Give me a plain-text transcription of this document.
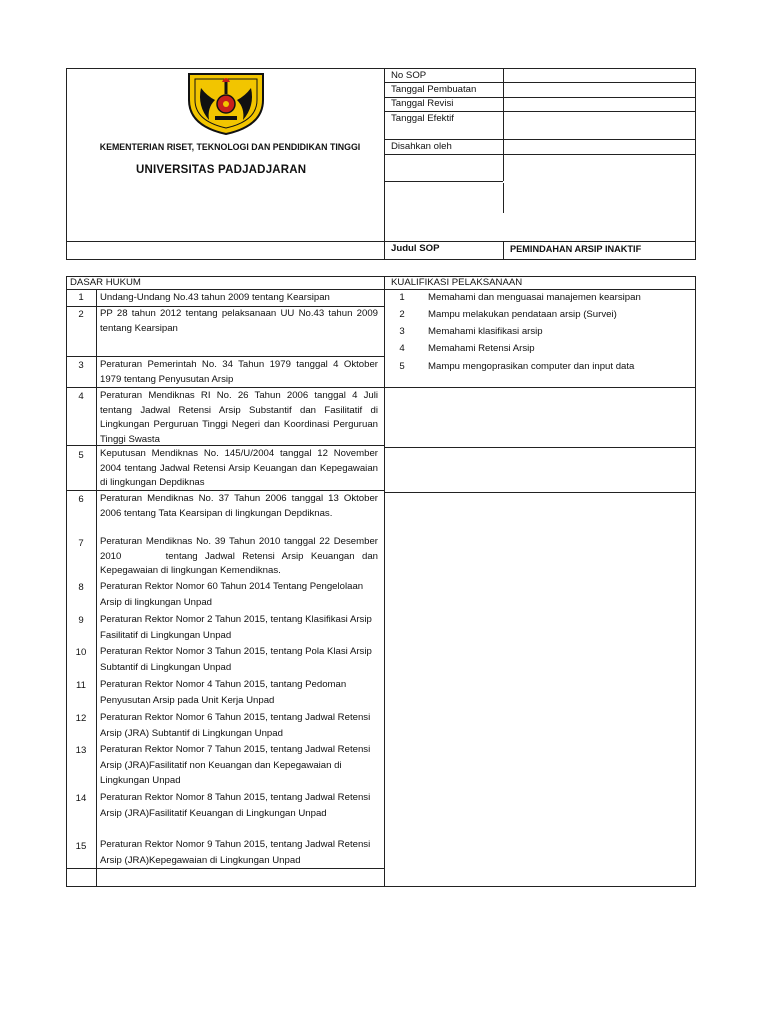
KEMENTERIAN RISET, TEKNOLOGI DAN PENDIDIKAN TINGGI
UNIVERSITAS PADJADJARAN
No SOP
Tanggal Pembuatan
Tanggal Revisi
Tanggal Efektif
Disahkan oleh
Judul SOP	PEMINDAHAN ARSIP INAKTIF
DASAR HUKUM	KUALIFIKASI PELAKSANAAN
1	Undang-Undang No.43 tahun 2009 tentang Kearsipan
2	PP 28 tahun 2012 tentang pelaksanaan UU No.43 tahun 2009 tentang Kearsipan
3	Peraturan Pemerintah No. 34 Tahun 1979 tanggal 4 Oktober 1979 tentang Penyusutan Arsip
4	Peraturan Mendiknas RI No. 26 Tahun 2006 tanggal 4 Juli tentang Jadwal Retensi Arsip Substantif dan Fasilitatif di Lingkungan Perguruan Tinggi Negeri dan Koordinasi Perguruan Tinggi Swasta
5	Keputusan Mendiknas No. 145/U/2004 tanggal 12 November 2004 tentang Jadwal Retensi Arsip Keuangan dan Kepegawaian di lingkungan Depdiknas
6	Peraturan Mendiknas No. 37 Tahun 2006 tanggal 13 Oktober 2006 tentang Tata Kearsipan di lingkungan Depdiknas.
7	Peraturan Mendiknas No. 39 Tahun 2010 tanggal 22 Desember 2010      tentang Jadwal Retensi Arsip Keuangan dan Kepegawaian di lingkungan Kemendiknas.
8	Peraturan Rektor Nomor 60 Tahun 2014 Tentang Pengelolaan Arsip di lingkungan Unpad
9	Peraturan Rektor Nomor 2 Tahun 2015, tentang Klasifikasi Arsip Fasilitatif di Lingkungan Unpad
10	Peraturan Rektor Nomor 3 Tahun 2015, tentang Pola Klasi Arsip Subtantif di Lingkungan Unpad
11	Peraturan Rektor Nomor 4 Tahun 2015, tantang Pedoman Penyusutan Arsip pada Unit Kerja Unpad
12	Peraturan Rektor Nomor 6 Tahun 2015, tentang Jadwal Retensi Arsip (JRA) Subtantif di Lingkungan Unpad
13	Peraturan Rektor Nomor 7 Tahun 2015, tentang Jadwal Retensi Arsip (JRA)Fasilitatif non Keuangan dan Kepegawaian di Lingkungan Unpad
14	Peraturan Rektor Nomor 8 Tahun 2015, tentang Jadwal Retensi Arsip (JRA)Fasilitatif Keuangan di Lingkungan Unpad
15	Peraturan Rektor Nomor 9 Tahun 2015, tentang Jadwal Retensi Arsip (JRA)Kepegawaian di Lingkungan Unpad
1	Memahami dan menguasai manajemen kearsipan
2	Mampu melakukan pendataan arsip (Survei)
3	Memahami klasifikasi arsip
4	Memahami Retensi Arsip
5	Mampu mengoprasikan computer dan input data
